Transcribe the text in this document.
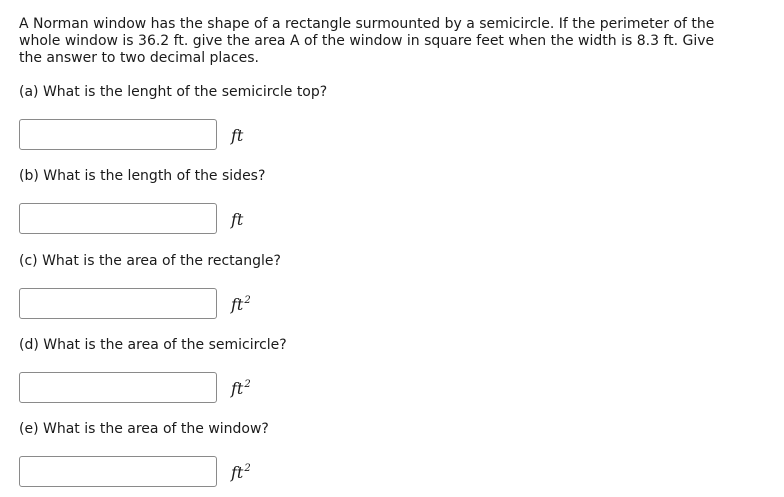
A Norman window has the shape of a rectangle surmounted by a semicircle. If the perimeter of the whole window is 36.2 ft. give the area A of the window in square feet when the width is 8.3 ft. Give the answer to two decimal places.

(a) What is the lenght of the semicircle top?

ft

(b) What is the length of the sides?

ft

(c) What is the area of the rectangle?

$ft^2$

(d) What is the area of the semicircle?

$ft^2$

(e) What is the area of the window?

$ft^2$
